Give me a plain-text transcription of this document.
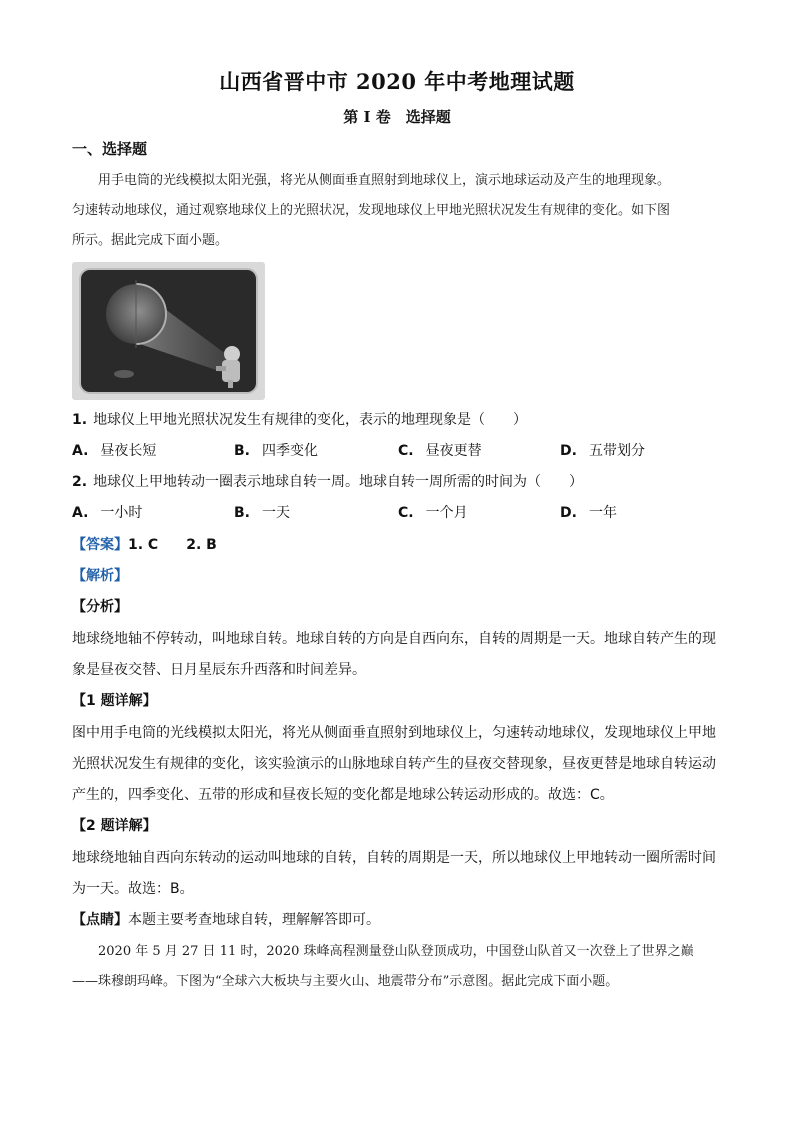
山西省晋中市 2020 年中考地理试题
第 I 卷　选择题
一、选择题
用手电筒的光线模拟太阳光强，将光从侧面垂直照射到地球仪上，演示地球运动及产生的地理现象。
匀速转动地球仪，通过观察地球仪上的光照状况，发现地球仪上甲地光照状况发生有规律的变化。如下图
所示。据此完成下面小题。
1. 地球仪上甲地光照状况发生有规律的变化，表示的地理现象是（　　）
A. 昼夜长短	B. 四季变化	C. 昼夜更替	D. 五带划分
2. 地球仪上甲地转动一圈表示地球自转一周。地球自转一周所需的时间为（　　）
A. 一小时	B. 一天	C. 一个月	D. 一年
【答案】1. C　　2. B
【解析】
【分析】
地球绕地轴不停转动，叫地球自转。地球自转的方向是自西向东，自转的周期是一天。地球自转产生的现
象是昼夜交替、日月星辰东升西落和时间差异。
【1 题详解】
图中用手电筒的光线模拟太阳光，将光从侧面垂直照射到地球仪上，匀速转动地球仪，发现地球仪上甲地
光照状况发生有规律的变化，该实验演示的山脉地球自转产生的昼夜交替现象，昼夜更替是地球自转运动
产生的，四季变化、五带的形成和昼夜长短的变化都是地球公转运动形成的。故选：C。
【2 题详解】
地球绕地轴自西向东转动的运动叫地球的自转，自转的周期是一天，所以地球仪上甲地转动一圈所需时间
为一天。故选：B。
【点睛】本题主要考查地球自转，理解解答即可。
2020 年 5 月 27 日 11 时，2020 珠峰高程测量登山队登顶成功，中国登山队首又一次登上了世界之巅
——珠穆朗玛峰。下图为“全球六大板块与主要火山、地震带分布”示意图。据此完成下面小题。
